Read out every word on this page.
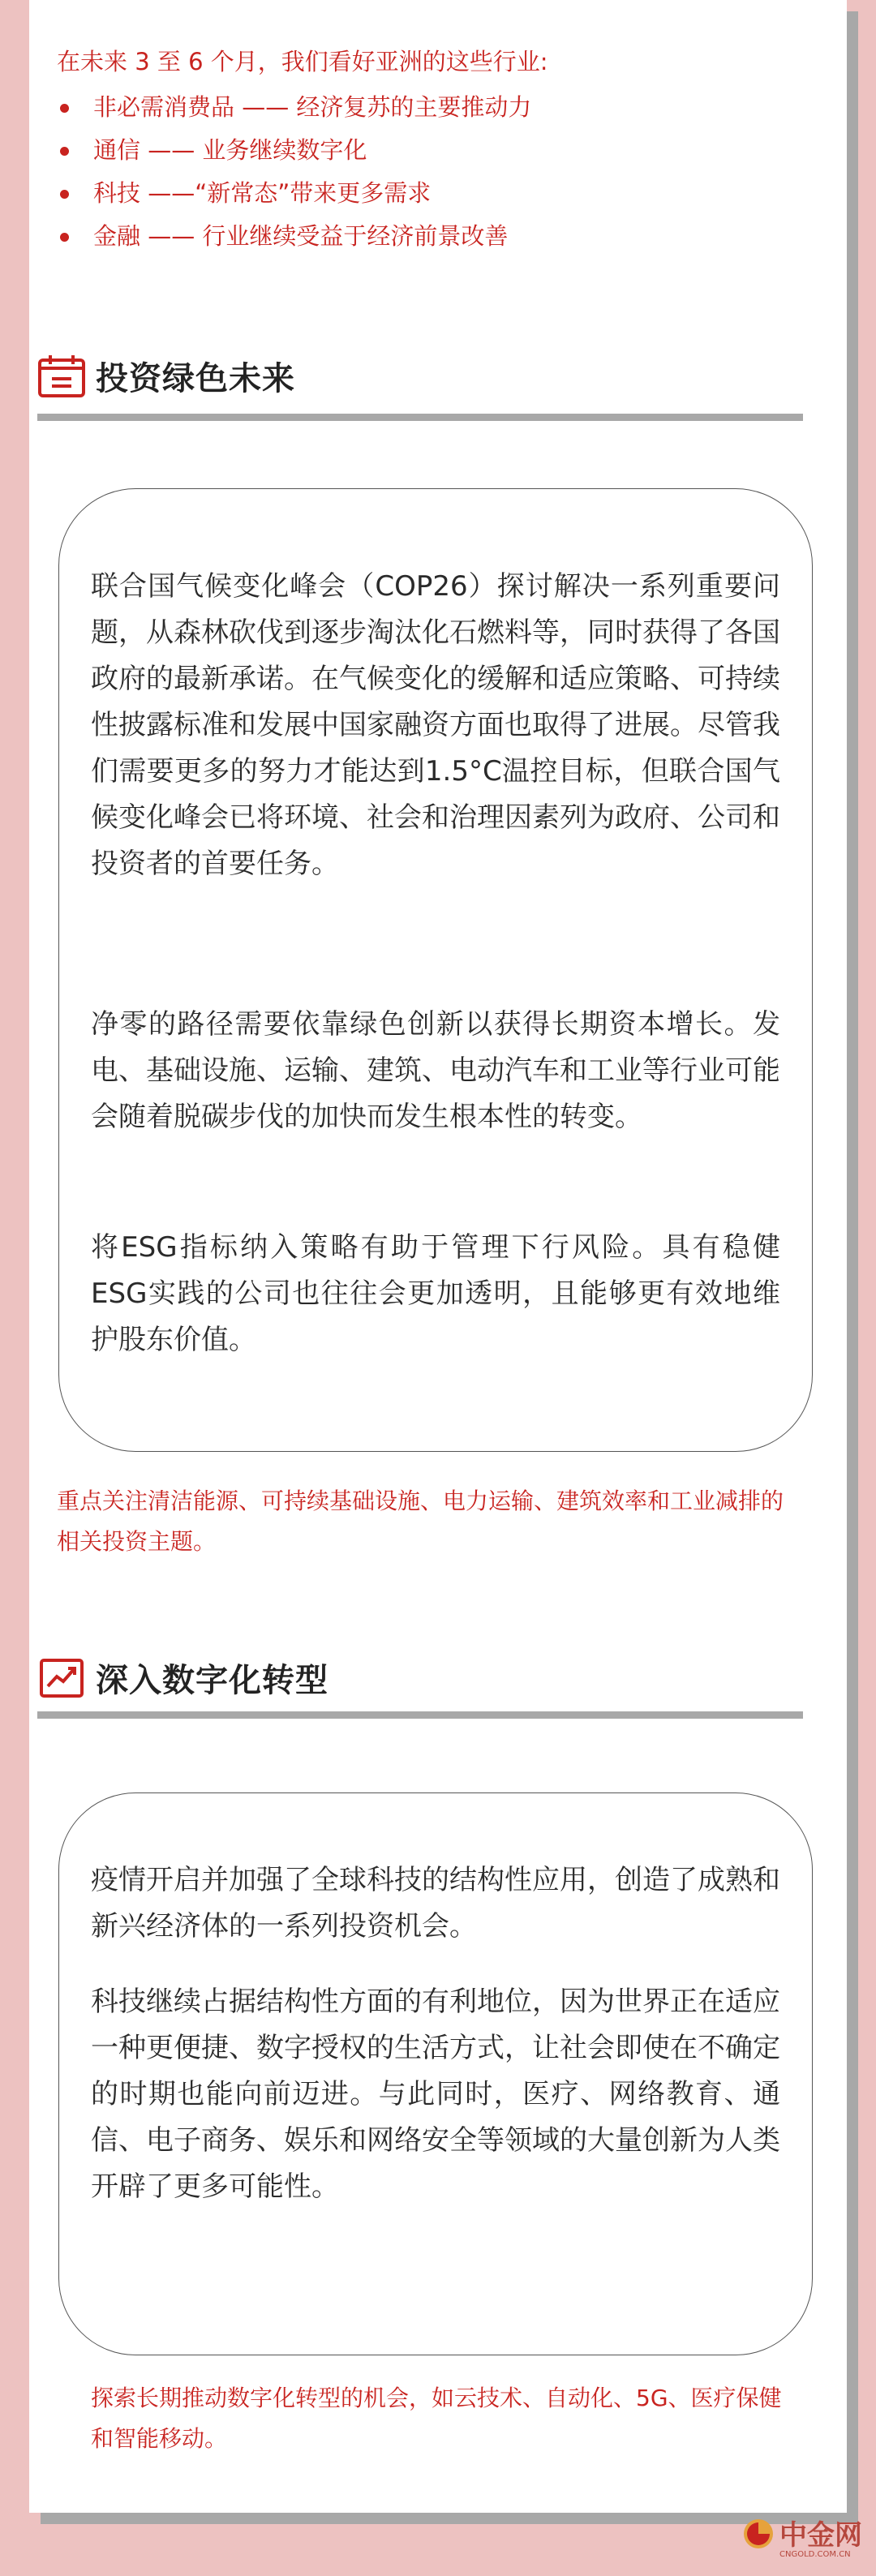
在未来 3 至 6 个月，我们看好亚洲的这些行业:
非必需消费品 —— 经济复苏的主要推动力
通信 —— 业务继续数字化
科技 ——“新常态”带来更多需求
金融 —— 行业继续受益于经济前景改善
投资绿色未来

联合国气候变化峰会（COP26）探讨解决一系列重要问题，从森林砍伐到逐步淘汰化石燃料等，同时获得了各国政府的最新承诺。在气候变化的缓解和适应策略、可持续性披露标准和发展中国家融资方面也取得了进展。尽管我们需要更多的努力才能达到1.5°C温控目标，但联合国气候变化峰会已将环境、社会和治理因素列为政府、公司和投资者的首要任务。

净零的路径需要依靠绿色创新以获得长期资本增长。发电、基础设施、运输、建筑、电动汽车和工业等行业可能会随着脱碳步伐的加快而发生根本性的转变。

将ESG指标纳入策略有助于管理下行风险。具有稳健ESG实践的公司也往往会更加透明，且能够更有效地维护股东价值。

重点关注清洁能源、可持续基础设施、电力运输、建筑效率和工业减排的相关投资主题。

深入数字化转型

疫情开启并加强了全球科技的结构性应用，创造了成熟和新兴经济体的一系列投资机会。

科技继续占据结构性方面的有利地位，因为世界正在适应一种更便捷、数字授权的生活方式，让社会即使在不确定的时期也能向前迈进。与此同时，医疗、网络教育、通信、电子商务、娱乐和网络安全等领域的大量创新为人类开辟了更多可能性。

探索长期推动数字化转型的机会，如云技术、自动化、5G、医疗保健和智能移动。

中金网
CNGOLD.COM.CN
